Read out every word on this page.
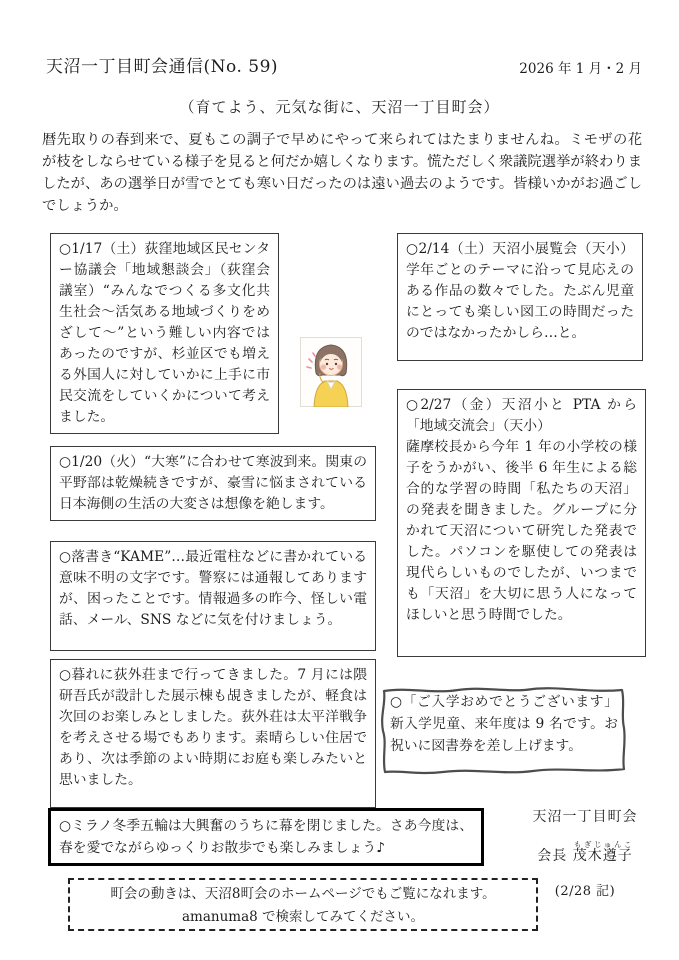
天沼一丁目町会通信(No. 59)	2026 年 1 月・2 月
（育てよう、元気な街に、天沼一丁目町会）
暦先取りの春到来で、夏もこの調子で早めにやって来られてはたまりませんね。ミモザの花が枝をしならせている様子を見ると何だか嬉しくなります。慌ただしく衆議院選挙が終わりましたが、あの選挙日が雪でとても寒い日だったのは遠い過去のようです。皆様いかがお過ごしでしょうか。

○1/17（土）荻窪地域区民センター協議会「地域懇談会」（荻窪会議室）“みんなでつくる多文化共生社会～活気ある地域づくりをめざして～”という難しい内容ではあったのですが、杉並区でも増える外国人に対していかに上手に市民交流をしていくかについて考えました。

○2/14（土）天沼小展覧会（天小）学年ごとのテーマに沿って見応えのある作品の数々でした。たぶん児童にとっても楽しい図工の時間だったのではなかったかしら…と。

○2/27（金）天沼小と PTA から「地域交流会」（天小）

薩摩校長から今年 1 年の小学校の様子をうかがい、後半 6 年生による総合的な学習の時間「私たちの天沼」の発表を聞きました。グループに分かれて天沼について研究した発表でした。パソコンを駆使しての発表は現代らしいものでしたが、いつまでも「天沼」を大切に思う人になってほしいと思う時間でした。

○1/20（火）“大寒”に合わせて寒波到来。関東の平野部は乾燥続きですが、豪雪に悩まされている日本海側の生活の大変さは想像を絶します。

○落書き“KAME”…最近電柱などに書かれている意味不明の文字です。警察には通報してありますが、困ったことです。情報過多の昨今、怪しい電話、メール、SNS などに気を付けましょう。

○暮れに荻外荘まで行ってきました。7 月には隈研吾氏が設計した展示棟も覘きましたが、軽食は次回のお楽しみとしました。荻外荘は太平洋戦争を考えさせる場でもあります。素晴らしい住居であり、次は季節のよい時期にお庭も楽しみたいと思いました。

○「ご入学おめでとうございます」新入学児童、来年度は 9 名です。お祝いに図書券を差し上げます。

○ミラノ冬季五輪は大興奮のうちに幕を閉じました。さあ今度は、春を愛でながらゆっくりお散歩でも楽しみましょう♪

天沼一丁目町会
会長 茂木遵子もぎじゅんこ
(2/28 記)
町会の動きは、天沼8町会のホームページでもご覧になれます。
amanuma8 で検索してみてください。
